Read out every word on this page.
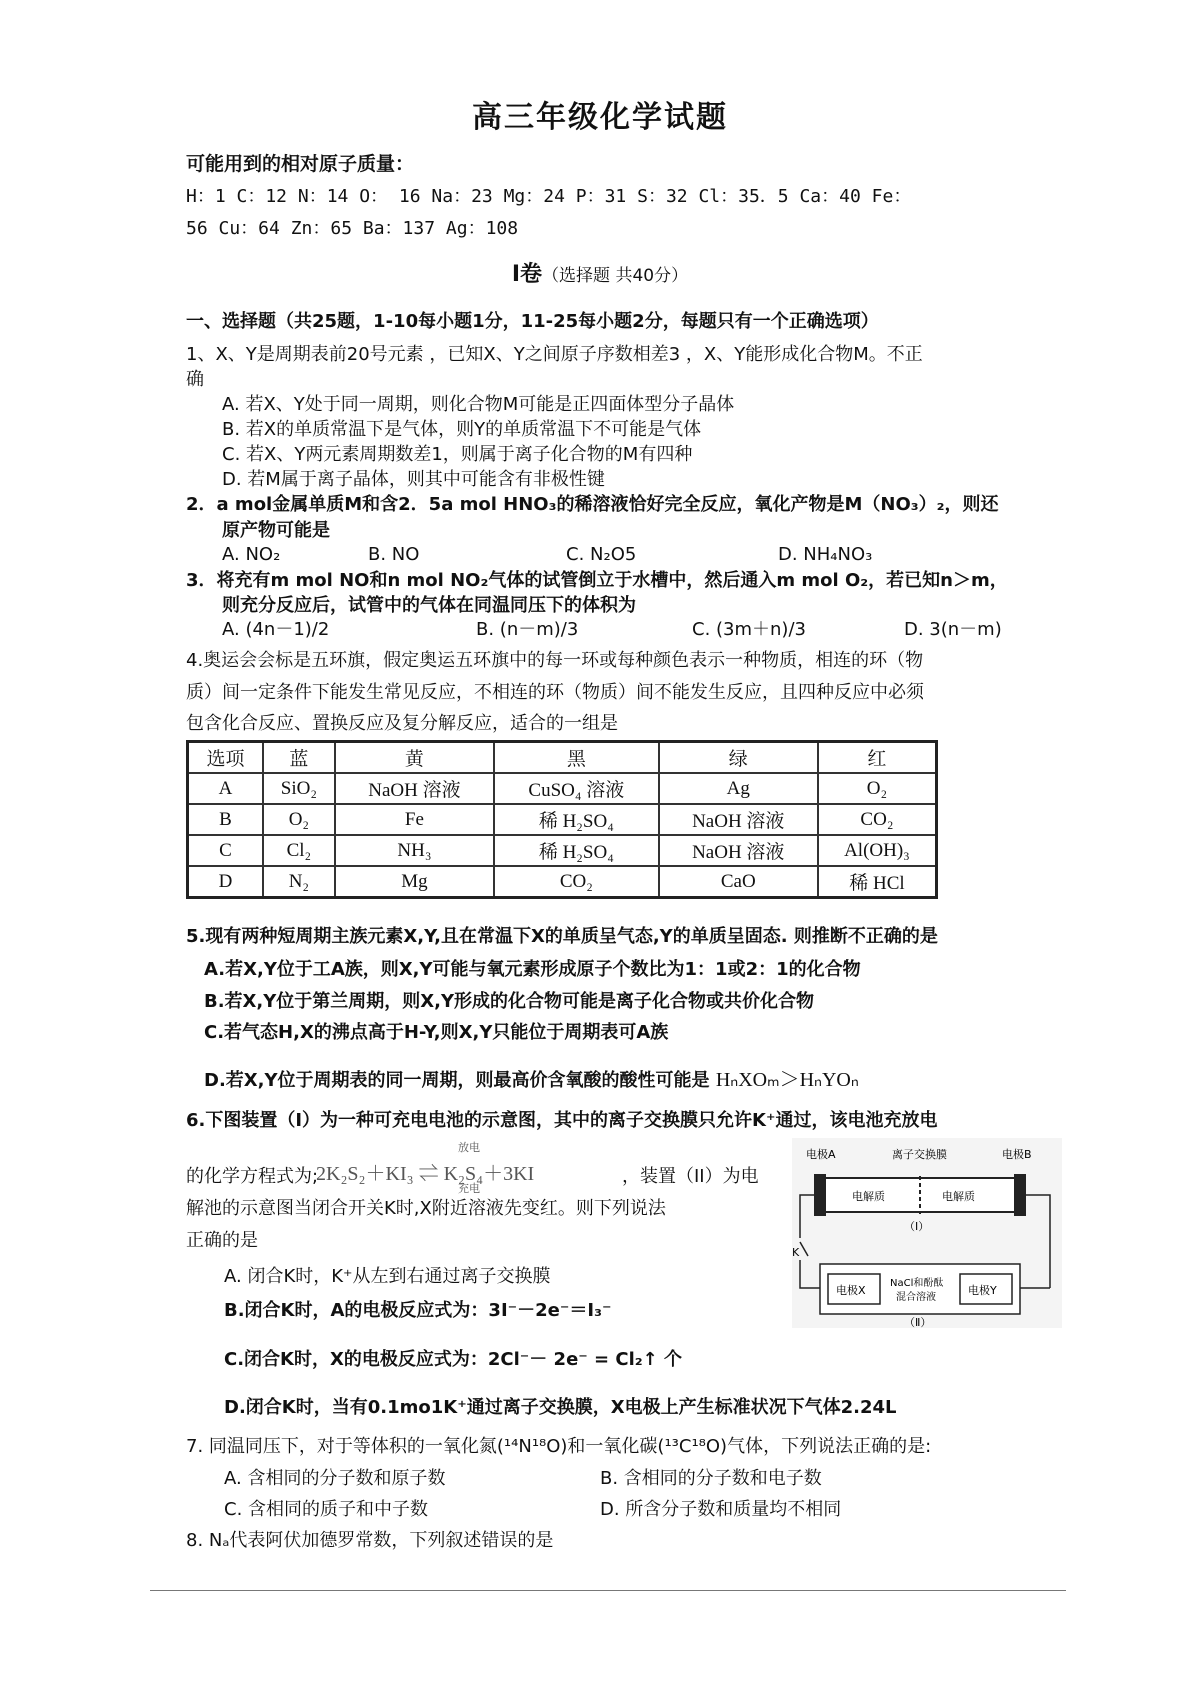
高三年级化学试题
可能用到的相对原子质量：
H：1 C：12 N：14 O： 16 Na：23 Mg：24 P：31 S：32 Cl：35．5 Ca：40 Fe：
56 Cu：64 Zn：65 Ba：137 Ag：108
Ⅰ卷（选择题 共40分）
一、选择题（共25题，1-10每小题1分，11-25每小题2分，每题只有一个正确选项）
1、X、Y是周期表前20号元素 ，已知X、Y之间原子序数相差3 ，X、Y能形成化合物M。不正
确
A. 若X、Y处于同一周期，则化合物M可能是正四面体型分子晶体
B. 若X的单质常温下是气体，则Y的单质常温下不可能是气体
C. 若X、Y两元素周期数差1，则属于离子化合物的M有四种
D. 若M属于离子晶体，则其中可能含有非极性键
2．a mol金属单质M和含2．5a mol HNO₃的稀溶液恰好完全反应，氧化产物是M（NO₃）₂，则还
原产物可能是
A. NO₂	B. NO	C. N₂O5	D. NH₄NO₃
3．将充有m mol NO和n mol NO₂气体的试管倒立于水槽中，然后通入m mol O₂，若已知n＞m，
则充分反应后，试管中的气体在同温同压下的体积为
A. (4n－1)/2	B. (n－m)/3	C. (3m＋n)/3	D. 3(n－m)
4.奥运会会标是五环旗，假定奥运五环旗中的每一环或每种颜色表示一种物质，相连的环（物
质）间一定条件下能发生常见反应，不相连的环（物质）间不能发生反应，且四种反应中必须
包含化合反应、置换反应及复分解反应，适合的一组是
选项	蓝	黄	黑	绿	红
A	SiO₂	NaOH 溶液	CuSO₄ 溶液	Ag	O₂
B	O₂	Fe	稀 H₂SO₄	NaOH 溶液	CO₂
C	Cl₂	NH₃	稀 H₂SO₄	NaOH 溶液	Al(OH)₃
D	N₂	Mg	CO₂	CaO	稀 HCl
5.现有两种短周期主族元素X,Y,且在常温下X的单质呈气态,Y的单质呈固态. 则推断不正确的是
A.若X,Y位于工A族，则X,Y可能与氧元素形成原子个数比为1：1或2：1的化合物
B.若X,Y位于第兰周期，则X,Y形成的化合物可能是离子化合物或共价化合物
C.若气态H,X的沸点高于H-Y,则X,Y只能位于周期表可A族
D.若X,Y位于周期表的同一周期，则最高价含氧酸的酸性可能是 HₙXOₘ＞HₙYOₙ
6.下图装置（I）为一种可充电电池的示意图，其中的离子交换膜只允许K⁺通过，该电池充放电
的化学方程式为;
2K₂S₂＋KI₃ ⇌ K₂S₄＋3KI
放电
充电
，装置（II）为电
解池的示意图当闭合开关K时,X附近溶液先变红。则下列说法
正确的是
A. 闭合K时，K⁺从左到右通过离子交换膜
B.闭合K时，A的电极反应式为：3I⁻－2e⁻＝I₃⁻
C.闭合K时，X的电极反应式为：2Cl⁻－ 2e⁻ = Cl₂↑ 个
D.闭合K时，当有0.1mo1K⁺通过离子交换膜，X电极上产生标准状况下气体2.24L
电极A	离子交换膜	电极B
电解质	电解质
（Ⅰ）
K
电极X
NaCl和酚酞
混合溶液
电极Y
（Ⅱ）
7. 同温同压下，对于等体积的一氧化氮(¹⁴N¹⁸O)和一氧化碳(¹³C¹⁸O)气体，下列说法正确的是:
A. 含相同的分子数和原子数	B. 含相同的分子数和电子数
C. 含相同的质子和中子数	D. 所含分子数和质量均不相同
8. Nₐ代表阿伏加德罗常数，下列叙述错误的是
